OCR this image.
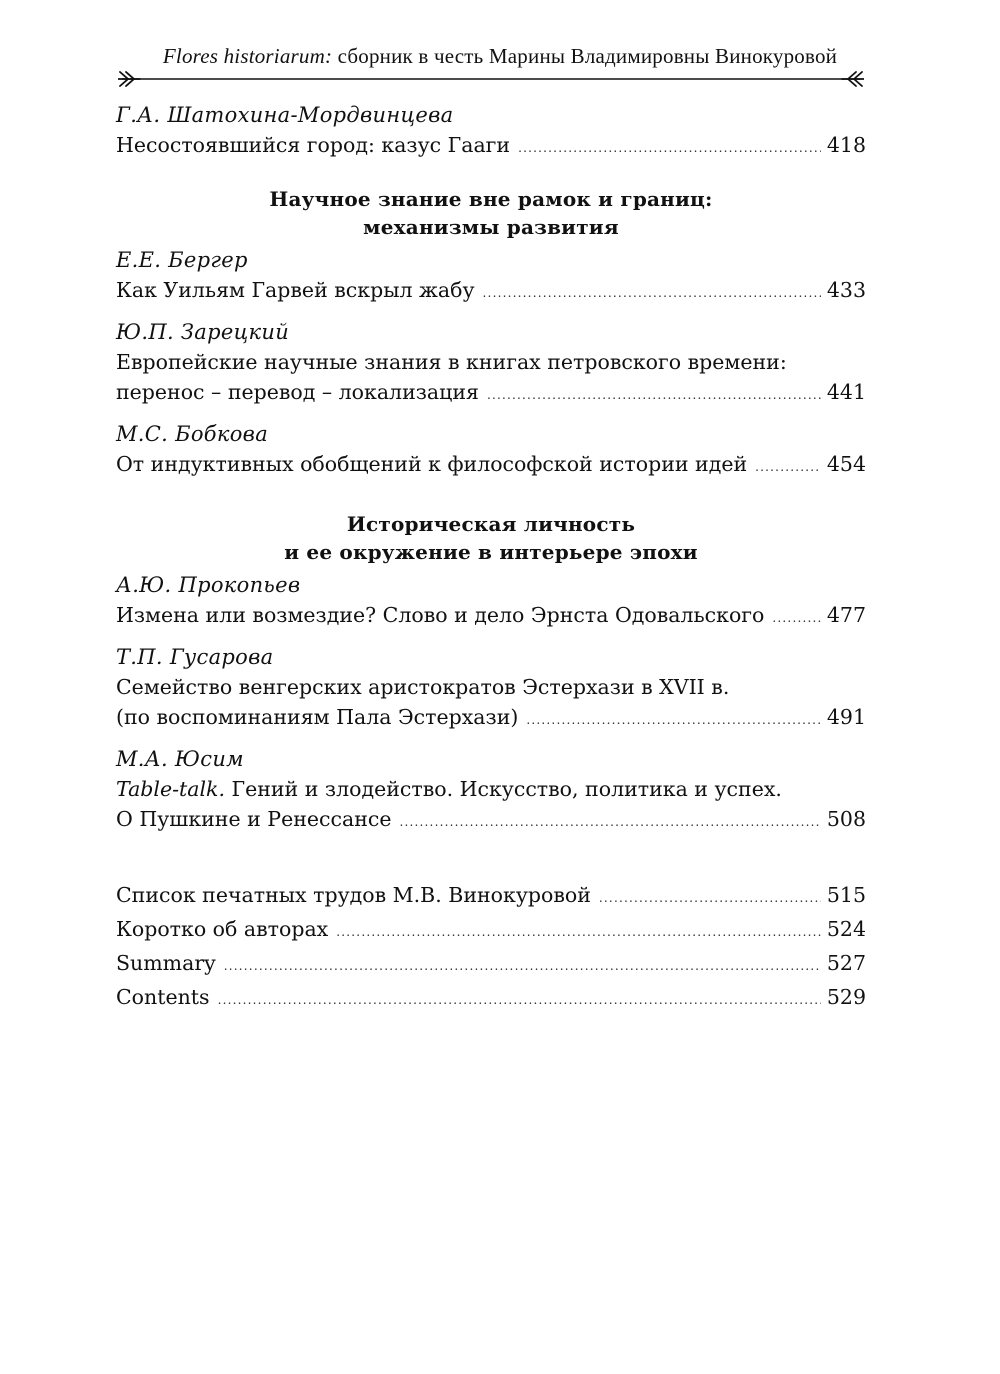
Flores historiarum: сборник в честь Марины Владимировны Винокуровой
Г.А. Шатохина-Мордвинцева
Несостоявшийся город: казус Гааги .....	418
Научное знание вне рамок и границ:
механизмы развития
Е.Е. Бергер
Как Уильям Гарвей вскрыл жабу .....	433
Ю.П. Зарецкий
Европейские научные знания в книгах петровского времени:
перенос – перевод – локализация .....	441
М.С. Бобкова
От индуктивных обобщений к философской истории идей .....	454
Историческая личность
и ее окружение в интерьере эпохи
А.Ю. Прокопьев
Измена или возмездие? Слово и дело Эрнста Одовальского .....	477
Т.П. Гусарова
Семейство венгерских аристократов Эстерхази в XVII в.
(по воспоминаниям Пала Эстерхази) .....	491
М.А. Юсим
Table-talk. Гений и злодейство. Искусство, политика и успех.
О Пушкине и Ренессансе .....	508
Список печатных трудов М.В. Винокуровой .....	515
Коротко об авторах .....	524
Summary .....	527
Contents .....	529
